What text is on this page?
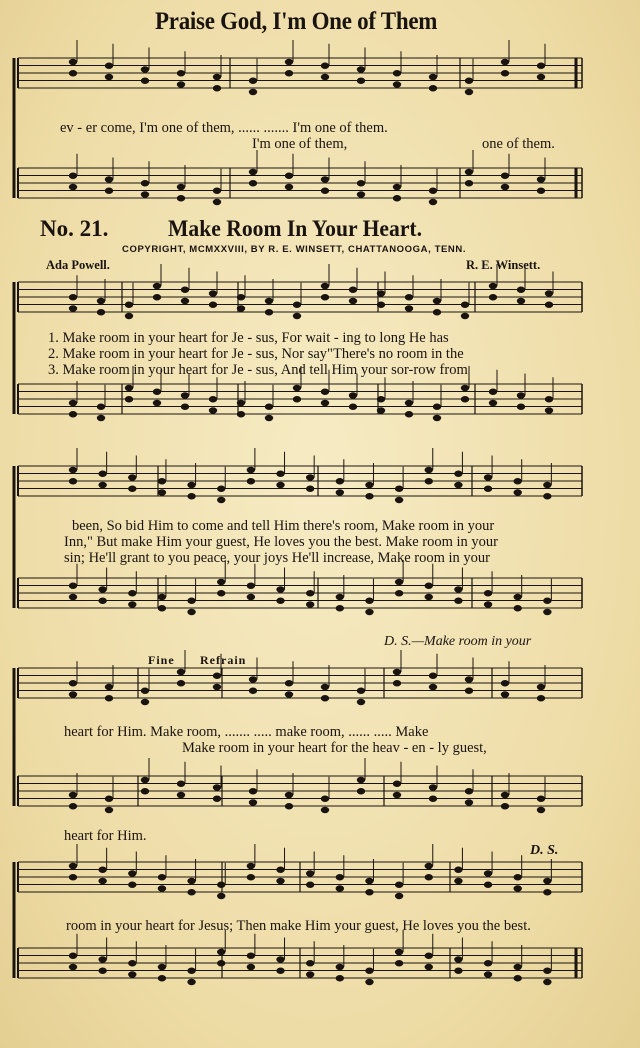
Praise God, I'm One of Them
ev - er come, I'm one of them, ...... ....... I'm one of them.
I'm one of them,	one of them.
No. 21.	Make Room In Your Heart.
COPYRIGHT, MCMXXVIII, BY R. E. WINSETT, CHATTANOOGA, TENN.
Ada Powell.	R. E. Winsett.
1. Make room in your heart for Je - sus, For wait - ing to long He has
2. Make room in your heart for Je - sus, Nor say"There's no room in the
3. Make room in your heart for Je - sus, And tell Him your sor-row from
been, So bid Him to come and tell Him there's room, Make room in your
Inn," But make Him your guest, He loves you the best. Make room in your
sin; He'll grant to you peace, your joys He'll increase, Make room in your
D. S.—Make room in your
Fine Refrain
heart for Him. Make room, ....... ..... make room, ...... ..... Make
Make room in your heart for the heav - en - ly guest,
heart for Him.
D. S.
room in your heart for Jesus; Then make Him your guest, He loves you the best.
